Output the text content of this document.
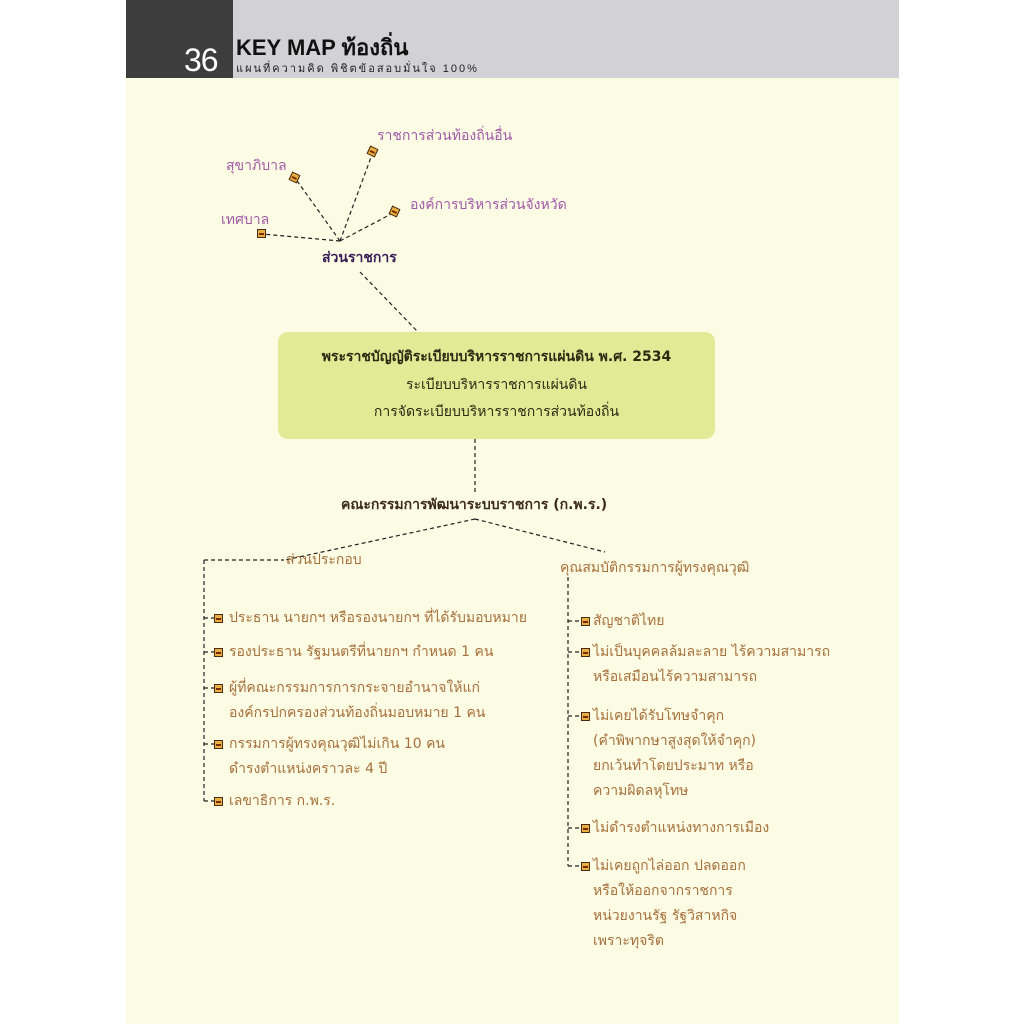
36 KEY MAP ท้องถิ่น
แผนที่ความคิด พิชิตข้อสอบมั่นใจ 100%
ราชการส่วนท้องถิ่นอื่น
สุขาภิบาล
องค์การบริหารส่วนจังหวัด
เทศบาล
ส่วนราชการ
พระราชบัญญัติระเบียบบริหารราชการแผ่นดิน พ.ศ. 2534
ระเบียบบริหารราชการแผ่นดิน
การจัดระเบียบบริหารราชการส่วนท้องถิ่น
คณะกรรมการพัฒนาระบบราชการ (ก.พ.ร.)
ส่วนประกอบ
ประธาน นายกฯ หรือรองนายกฯ ที่ได้รับมอบหมาย
รองประธาน รัฐมนตรีที่นายกฯ กำหนด 1 คน
ผู้ที่คณะกรรมการการกระจายอำนาจให้แก่
องค์กรปกครองส่วนท้องถิ่นมอบหมาย 1 คน
กรรมการผู้ทรงคุณวุฒิไม่เกิน 10 คน
ดำรงตำแหน่งคราวละ 4 ปี
เลขาธิการ ก.พ.ร.
คุณสมบัติกรรมการผู้ทรงคุณวุฒิ
สัญชาติไทย
ไม่เป็นบุคคลล้มละลาย ไร้ความสามารถ
หรือเสมือนไร้ความสามารถ
ไม่เคยได้รับโทษจำคุก
(คำพิพากษาสูงสุดให้จำคุก)
ยกเว้นทำโดยประมาท หรือ
ความผิดลหุโทษ
ไม่ดำรงตำแหน่งทางการเมือง
ไม่เคยถูกไล่ออก ปลดออก
หรือให้ออกจากราชการ
หน่วยงานรัฐ รัฐวิสาหกิจ
เพราะทุจริต
